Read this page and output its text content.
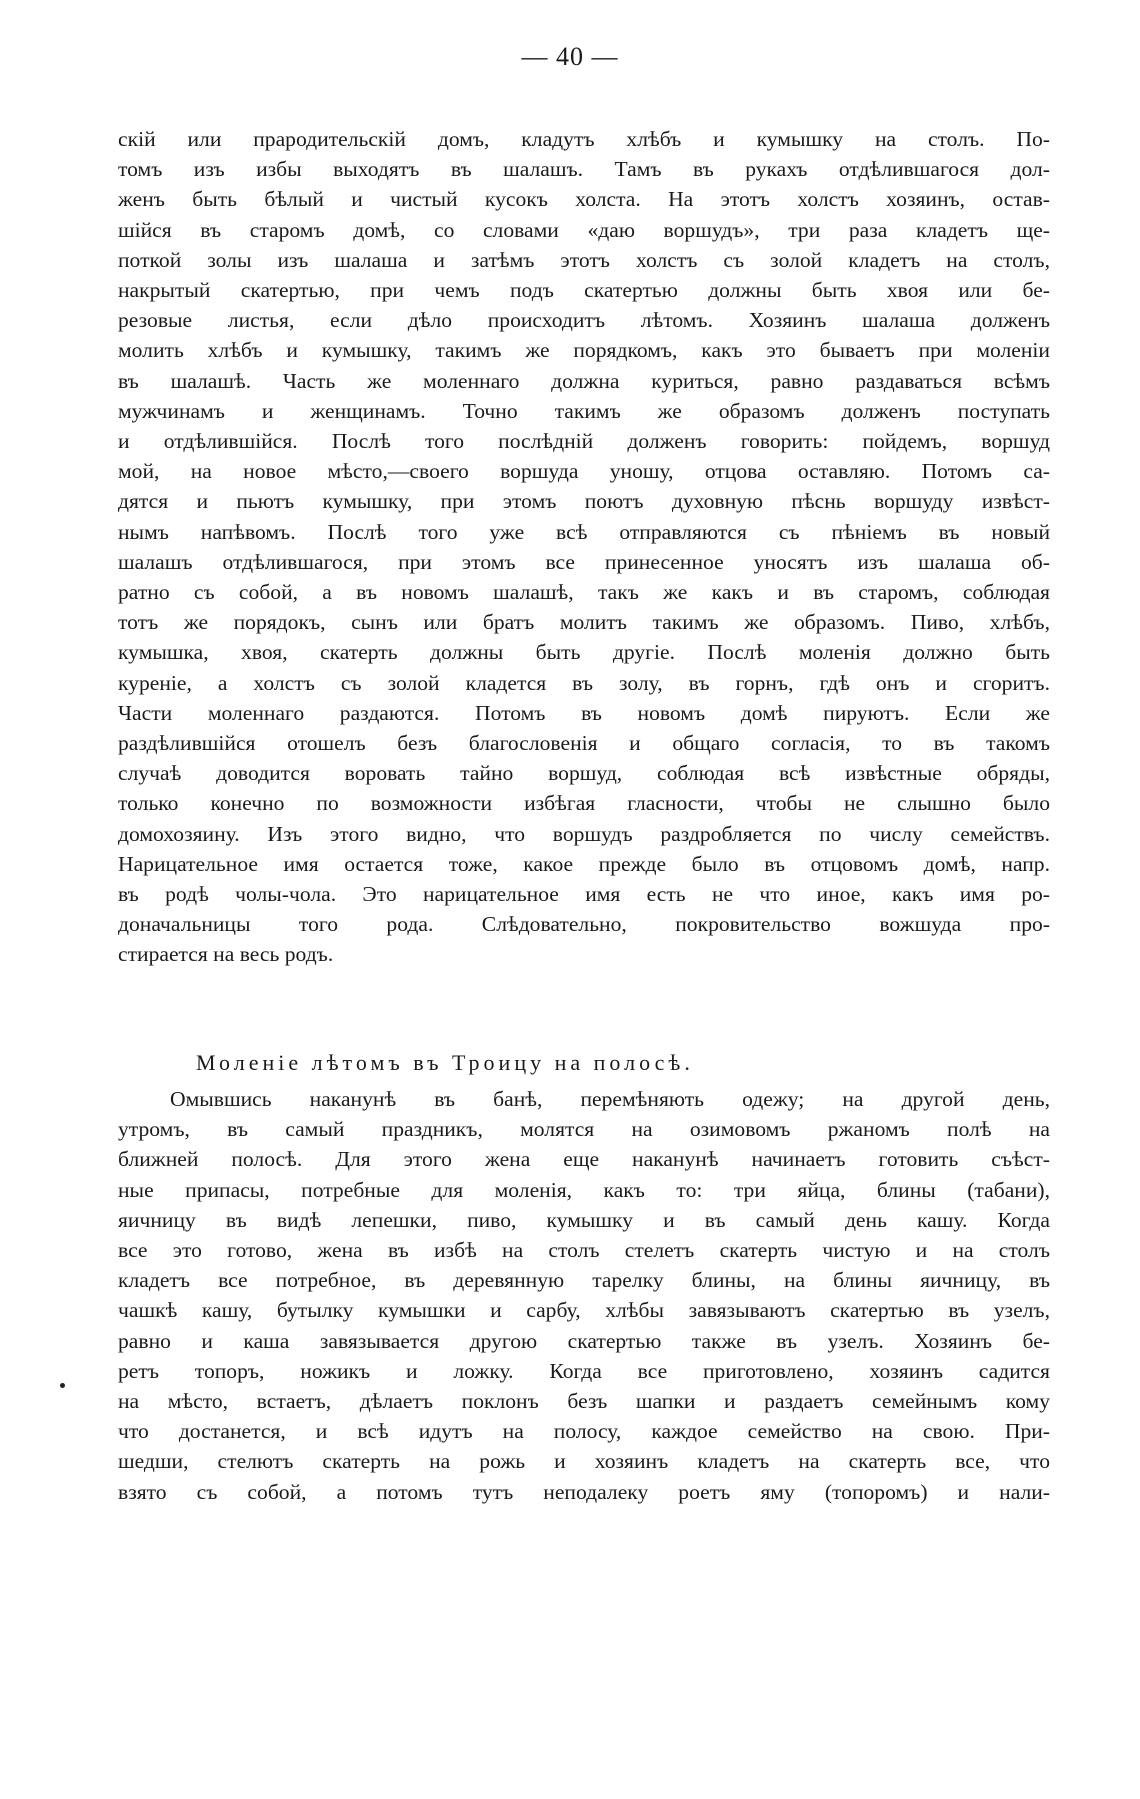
— 40 —
скій или прародительскій домъ, кладутъ хлѣбъ и кумышку на столъ. По-
томъ изъ избы выходятъ въ шалашъ. Тамъ въ рукахъ отдѣлившагося дол-
женъ быть бѣлый и чистый кусокъ холста. На этотъ холстъ хозяинъ, остав-
шійся въ старомъ домѣ, со словами «даю воршудъ», три раза кладетъ ще-
поткой золы изъ шалаша и затѣмъ этотъ холстъ съ золой кладетъ на столъ,
накрытый скатертью, при чемъ подъ скатертью должны быть хвоя или бе-
резовые листья, если дѣло происходитъ лѣтомъ. Хозяинъ шалаша долженъ
молить хлѣбъ и кумышку, такимъ же порядкомъ, какъ это бываетъ при моленіи
въ шалашѣ. Часть же моленнаго должна куриться, равно раздаваться всѣмъ
мужчинамъ и женщинамъ. Точно такимъ же образомъ долженъ поступать
и отдѣлившійся. Послѣ того послѣдній долженъ говорить: пойдемъ, воршуд
мой, на новое мѣсто,—своего воршуда уношу, отцова оставляю. Потомъ са-
дятся и пьютъ кумышку, при этомъ поютъ духовную пѣснь воршуду извѣст-
нымъ напѣвомъ. Послѣ того уже всѣ отправляются съ пѣніемъ въ новый
шалашъ отдѣлившагося, при этомъ все принесенное уносятъ изъ шалаша об-
ратно съ собой, а въ новомъ шалашѣ, такъ же какъ и въ старомъ, соблюдая
тотъ же порядокъ, сынъ или братъ молитъ такимъ же образомъ. Пиво, хлѣбъ,
кумышка, хвоя, скатерть должны быть другіе. Послѣ моленія должно быть
куреніе, а холстъ съ золой кладется въ золу, въ горнъ, гдѣ онъ и сгоритъ.
Части моленнаго раздаются. Потомъ въ новомъ домѣ пируютъ. Если же
раздѣлившійся отошелъ безъ благословенія и общаго согласія, то въ такомъ
случаѣ доводится воровать тайно воршуд, соблюдая всѣ извѣстные обряды,
только конечно по возможности избѣгая гласности, чтобы не слышно было
домохозяину. Изъ этого видно, что воршудъ раздробляется по числу семействъ.
Нарицательное имя остается тоже, какое прежде было въ отцовомъ домѣ, напр.
въ родѣ чолы-чола. Это нарицательное имя есть не что иное, какъ имя ро-
доначальницы того рода. Слѣдовательно, покровительство вожшуда про-
стирается на весь родъ.
Моленіе лѣтомъ въ Троицу на полосѣ.
Омывшись наканунѣ въ банѣ, перемѣняють одежу; на другой день,
утромъ, въ самый праздникъ, молятся на озимовомъ ржаномъ полѣ на
ближней полосѣ. Для этого жена еще наканунѣ начинаетъ готовить съѣст-
ные припасы, потребные для моленія, какъ то: три яйца, блины (табани),
яичницу въ видѣ лепешки, пиво, кумышку и въ самый день кашу. Когда
все это готово, жена въ избѣ на столъ стелетъ скатерть чистую и на столъ
кладетъ все потребное, въ деревянную тарелку блины, на блины яичницу, въ
чашкѣ кашу, бутылку кумышки и сарбу, хлѣбы завязываютъ скатертью въ узелъ,
равно и каша завязывается другою скатертью также въ узелъ. Хозяинъ бе-
ретъ топоръ, ножикъ и ложку. Когда все приготовлено, хозяинъ садится
на мѣсто, встаетъ, дѣлаетъ поклонъ безъ шапки и раздаетъ семейнымъ кому
что достанется, и всѣ идутъ на полосу, каждое семейство на свою. При-
шедши, стелютъ скатерть на рожь и хозяинъ кладетъ на скатерть все, что
взято съ собой, а потомъ тутъ неподалеку роетъ яму (топоромъ) и нали-
